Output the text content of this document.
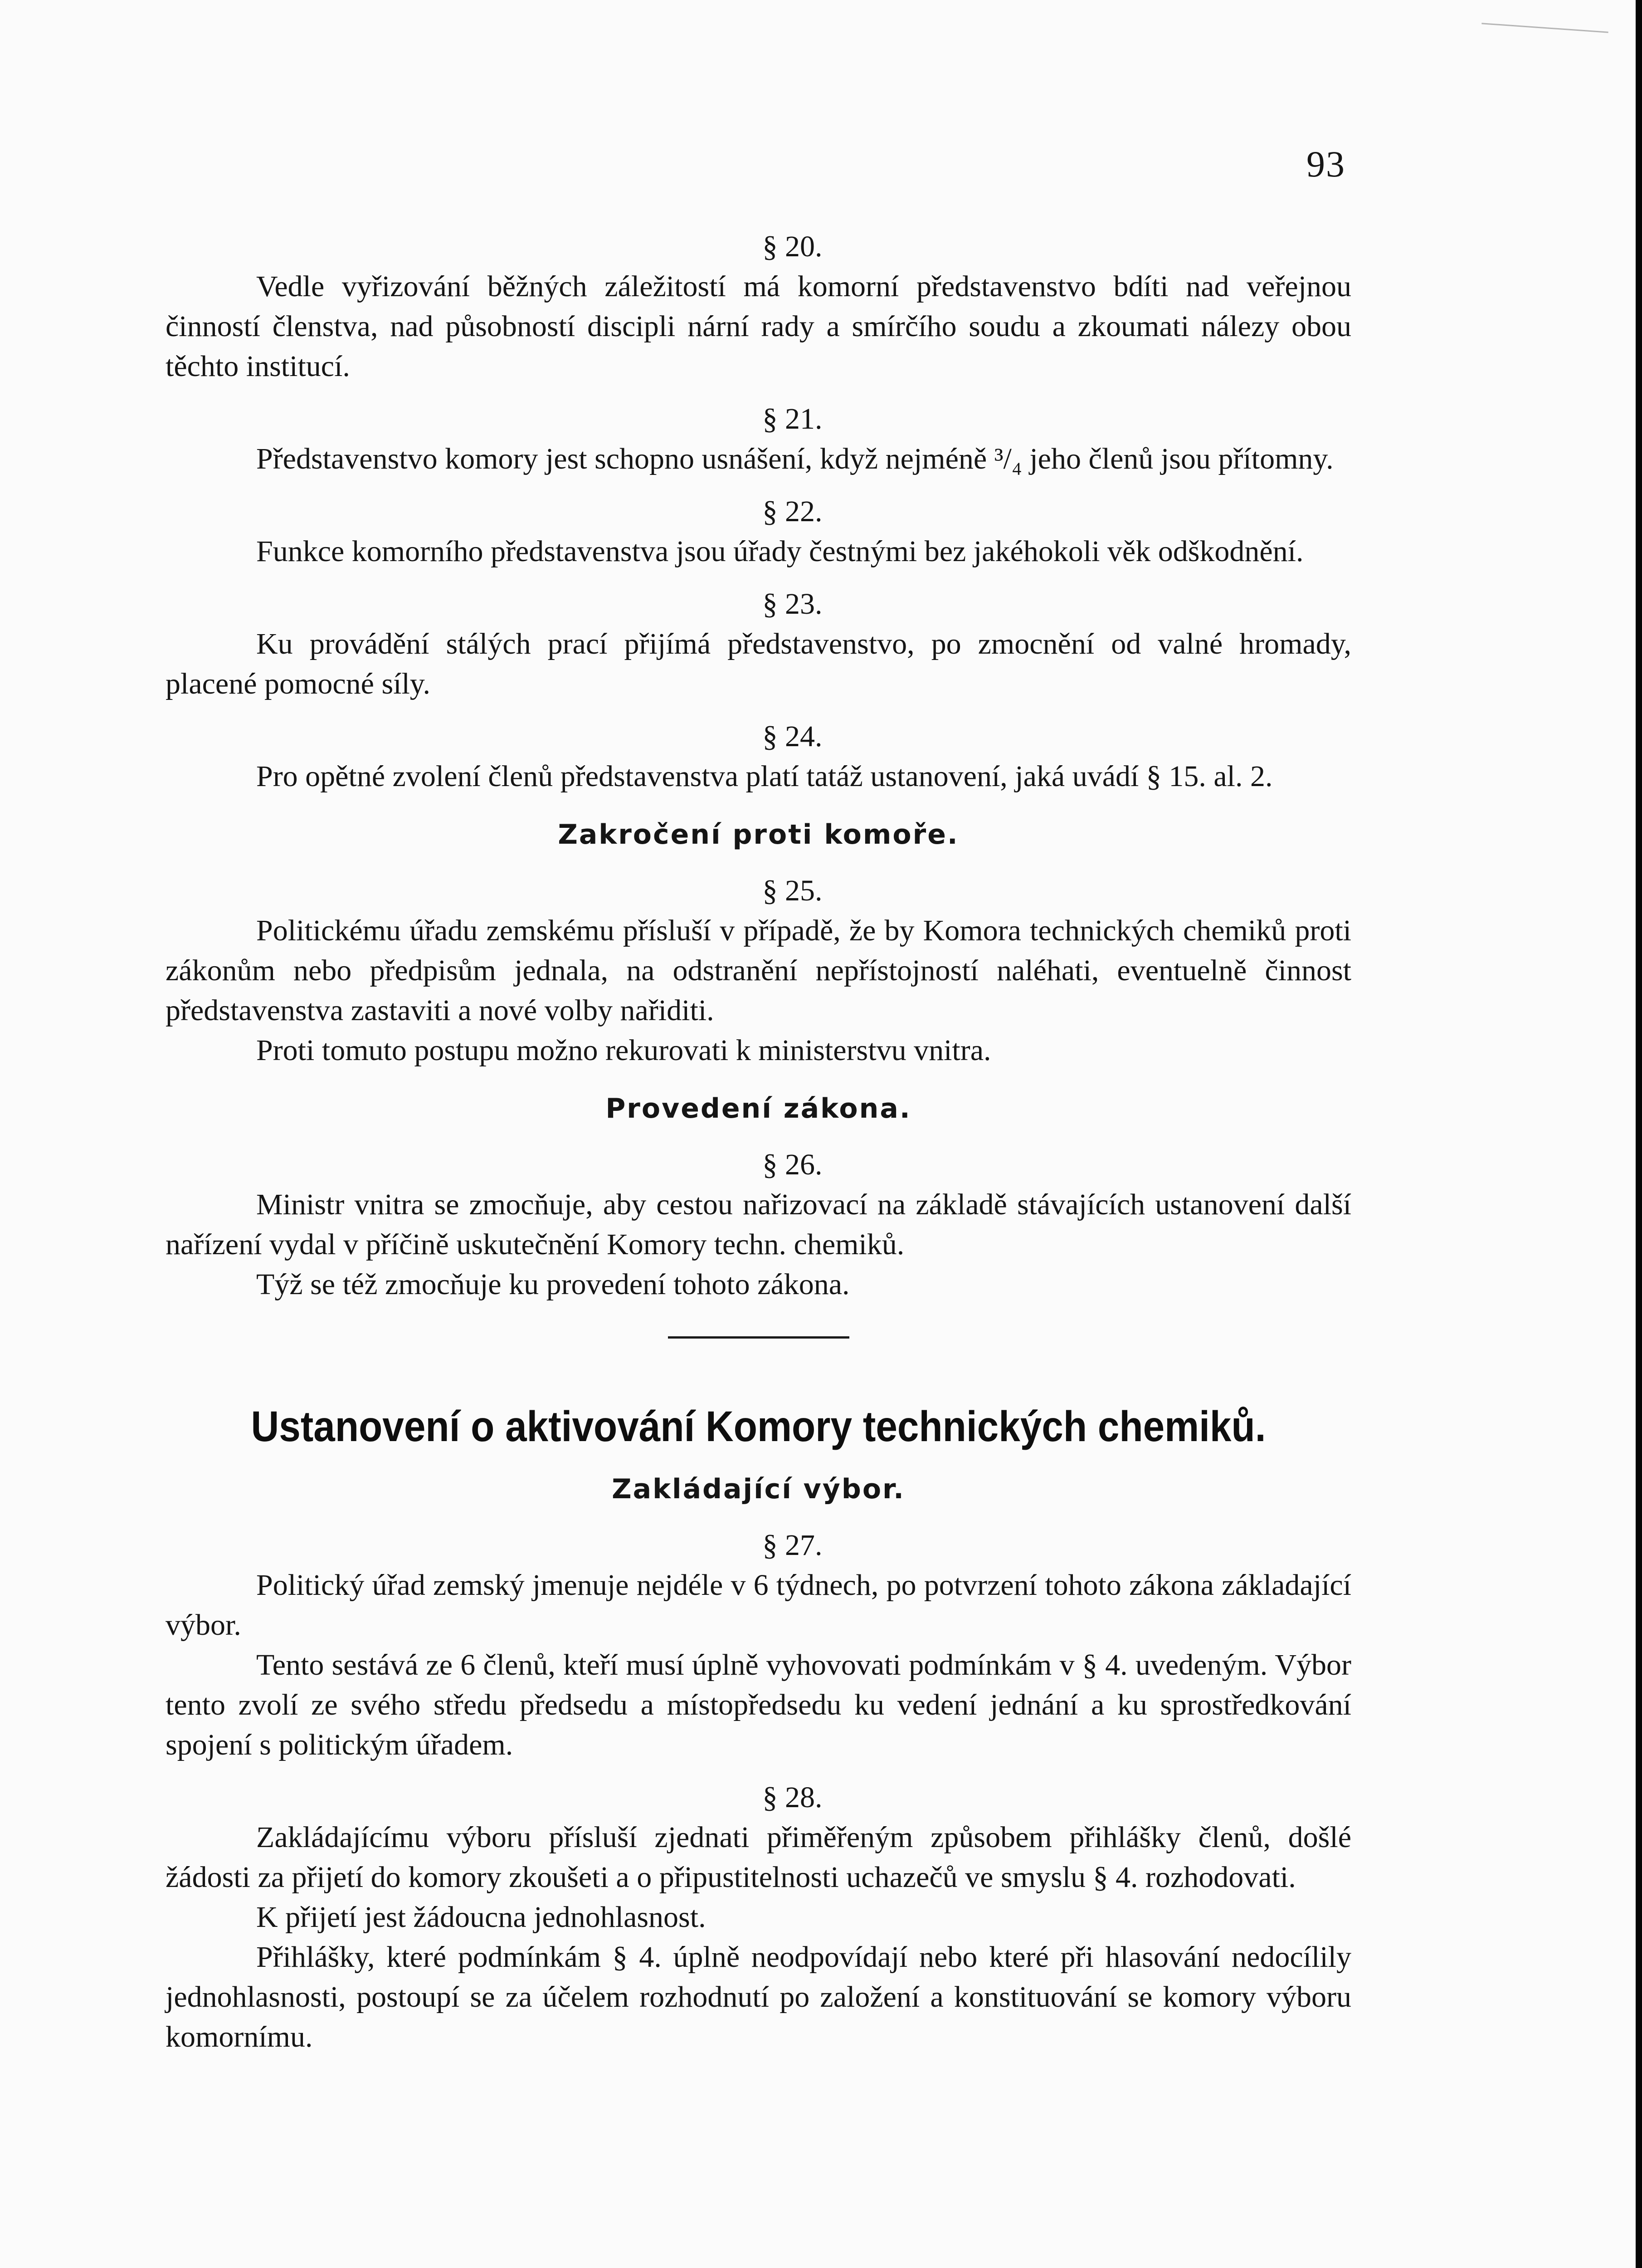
93
§ 20.

Vedle vyřizování běžných záležitostí má komorní představenstvo bdíti nad veřejnou činností členstva, nad působností discipli nární rady a smírčího soudu a zkoumati nálezy obou těchto institucí.

§ 21.

Představenstvo komory jest schopno usnášení, když nejméně ³/₄ jeho členů jsou přítomny.

§ 22.

Funkce komorního představenstva jsou úřady čestnými bez jakéhokoli věk odškodnění.

§ 23.

Ku provádění stálých prací přijímá představenstvo, po zmocnění od valné hromady, placené pomocné síly.

§ 24.

Pro opětné zvolení členů představenstva platí tatáž ustanovení, jaká uvádí § 15. al. 2.

Zakročení proti komoře.
§ 25.

Politickému úřadu zemskému přísluší v případě, že by Komora technických chemiků proti zákonům nebo předpisům jednala, na odstranění nepřístojností naléhati, eventuelně činnost představenstva zastaviti a nové volby nařiditi.

Proti tomuto postupu možno rekurovati k ministerstvu vnitra.

Provedení zákona.
§ 26.

Ministr vnitra se zmocňuje, aby cestou nařizovací na základě stávajících ustanovení další nařízení vydal v příčině uskutečnění Komory techn. chemiků.

Týž se též zmocňuje ku provedení tohoto zákona.

Ustanovení o aktivování Komory technických chemiků.
Zakládající výbor.
§ 27.

Politický úřad zemský jmenuje nejdéle v 6 týdnech, po potvrzení tohoto zákona základající výbor.

Tento sestává ze 6 členů, kteří musí úplně vyhovovati podmínkám v § 4. uvedeným. Výbor tento zvolí ze svého středu předsedu a místopředsedu ku vedení jednání a ku sprostředkování spojení s politickým úřadem.

§ 28.

Zakládajícímu výboru přísluší zjednati přiměřeným způsobem přihlášky členů, došlé žádosti za přijetí do komory zkoušeti a o připustitelnosti uchazečů ve smyslu § 4. rozhodovati.

K přijetí jest žádoucna jednohlasnost.

Přihlášky, které podmínkám § 4. úplně neodpovídají nebo které při hlasování nedocílily jednohlasnosti, postoupí se za účelem rozhodnutí po založení a konstituování se komory výboru komornímu.
